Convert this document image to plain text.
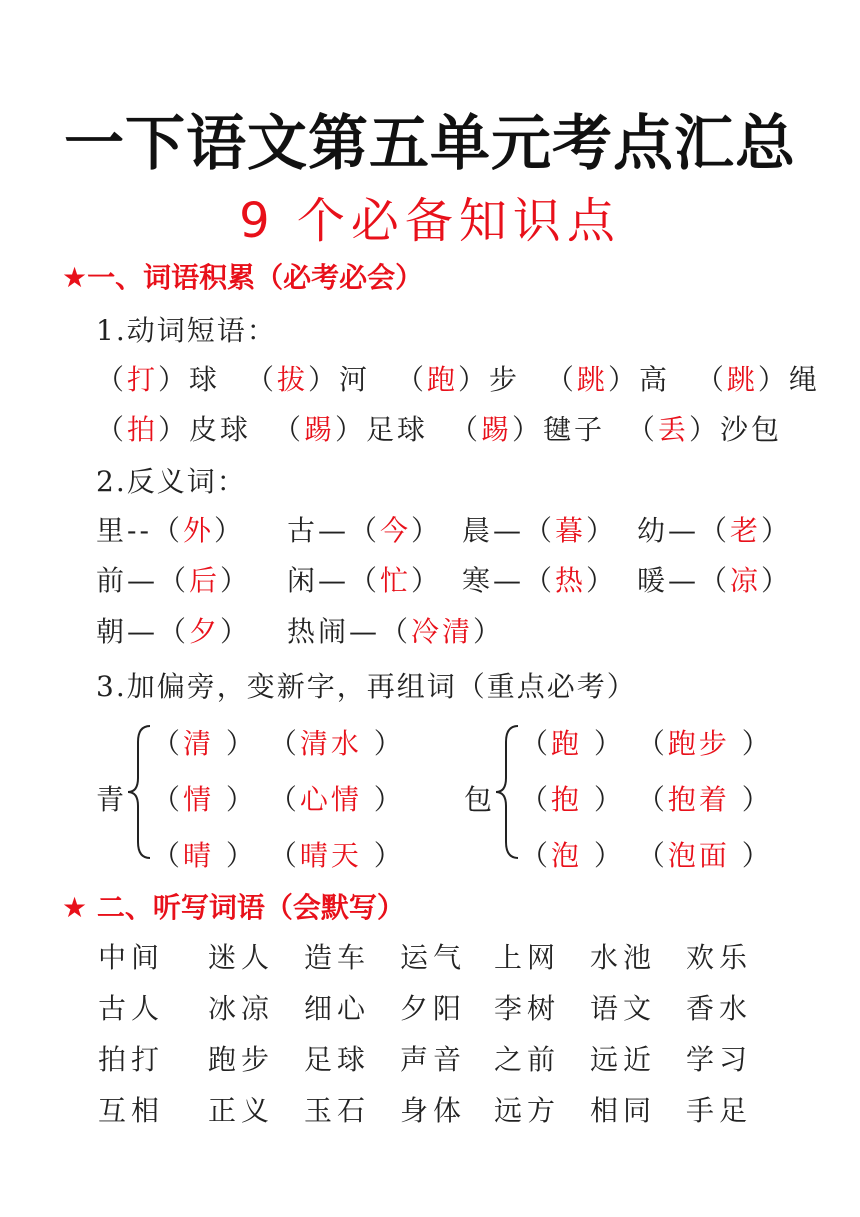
一下语文第五单元考点汇总
9 个必备知识点
★一、词语积累（必考必会）
1.动词短语：
（打）球 （拔）河 （跑）步 （跳）高 （跳）绳
（拍）皮球 （踢）足球 （踢）毽子 （丢）沙包
2.反义词：
里--（外） 古—（今） 晨—（暮） 幼—（老）
前—（后） 闲—（忙） 寒—（热） 暖—（凉）
朝—（夕） 热闹—（冷清）
3.加偏旁，变新字，再组词（重点必考）
青
（清 ） （清水 ）
（情 ） （心情 ）
（晴 ） （晴天 ）
包
（跑 ） （跑步 ）
（抱 ） （抱着 ）
（泡 ） （泡面 ）
★ 二、听写词语（会默写）
中间 迷人 造车 运气 上网 水池 欢乐
古人 冰凉 细心 夕阳 李树 语文 香水
拍打 跑步 足球 声音 之前 远近 学习
互相 正义 玉石 身体 远方 相同 手足
